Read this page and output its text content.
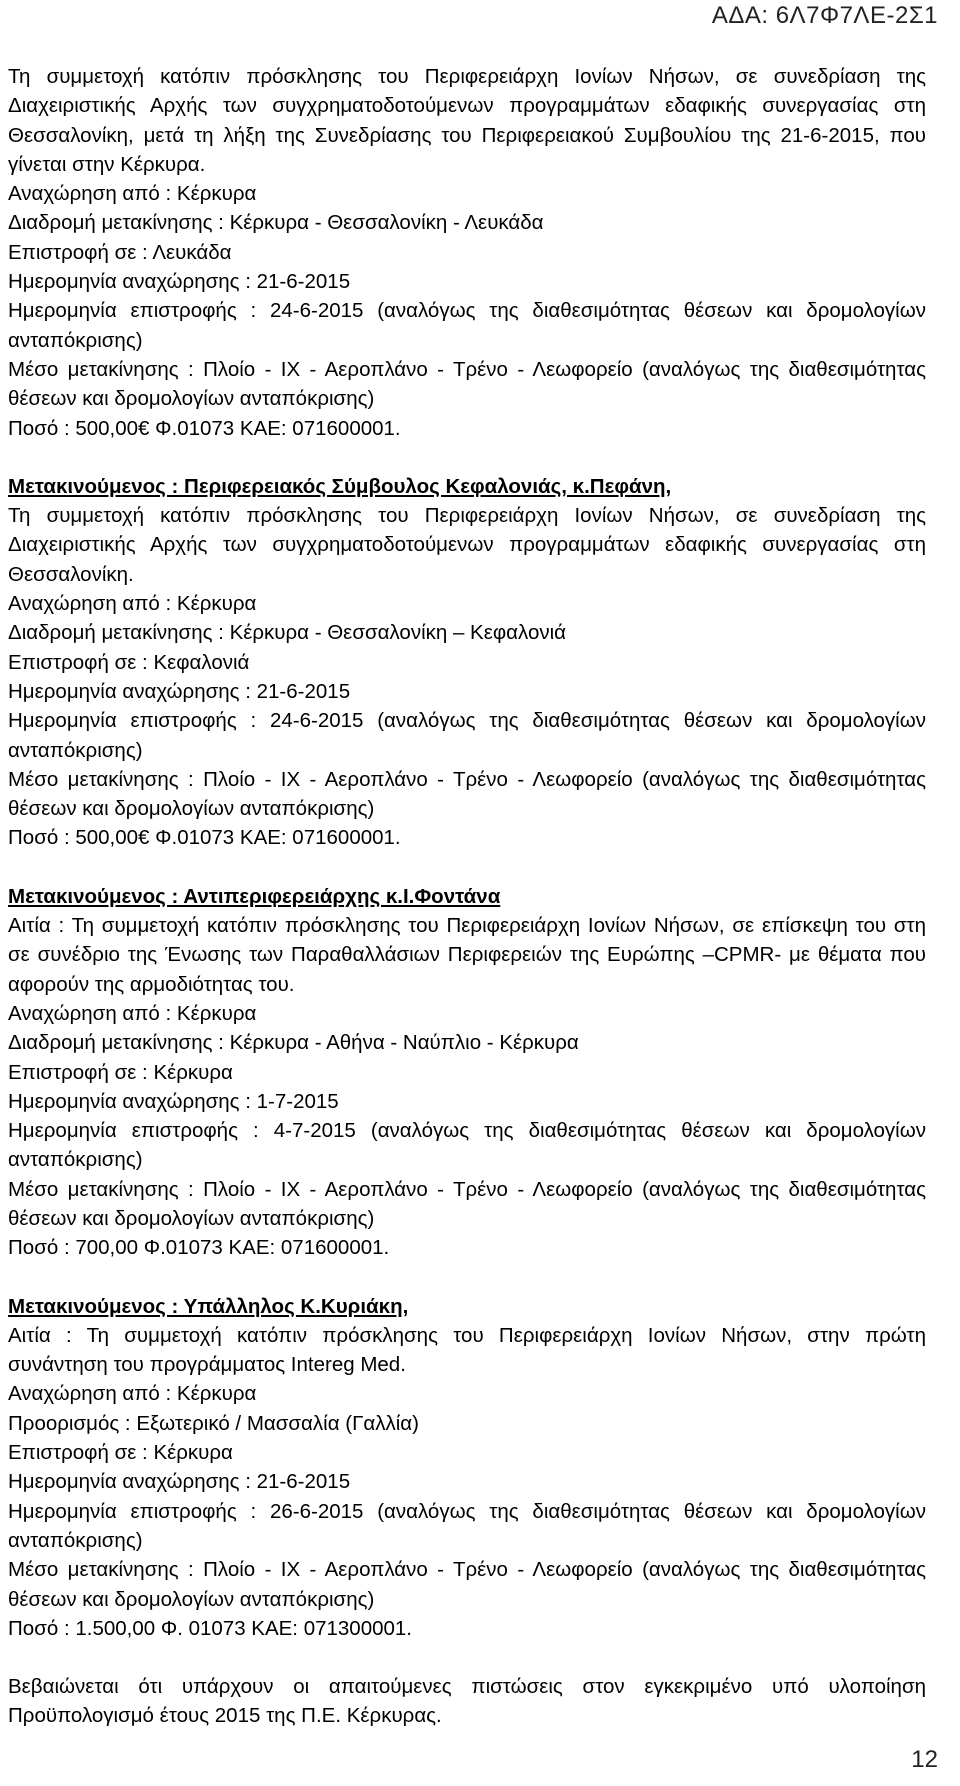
ΑΔΑ: 6Λ7Φ7ΛΕ-2Σ1

Τη συμμετοχή κατόπιν πρόσκλησης του Περιφερειάρχη Ιονίων Νήσων, σε συνεδρίαση της Διαχειριστικής Αρχής των συγχρηματοδοτούμενων προγραμμάτων εδαφικής συνεργασίας στη Θεσσαλονίκη, μετά τη λήξη της Συνεδρίασης του Περιφερειακού Συμβουλίου της 21-6-2015, που γίνεται στην Κέρκυρα.

Αναχώρηση από : Κέρκυρα

Διαδρομή μετακίνησης : Κέρκυρα - Θεσσαλονίκη - Λευκάδα

Επιστροφή σε : Λευκάδα

Ημερομηνία αναχώρησης : 21-6-2015

Ημερομηνία επιστροφής : 24-6-2015 (αναλόγως της διαθεσιμότητας θέσεων και δρομολογίων ανταπόκρισης)

Μέσο μετακίνησης : Πλοίο - ΙΧ - Αεροπλάνο - Τρένο - Λεωφορείο (αναλόγως της διαθεσιμότητας θέσεων και δρομολογίων ανταπόκρισης)

Ποσό : 500,00€ Φ.01073 ΚΑΕ: 071600001.

Μετακινούμενος : Περιφερειακός Σύμβουλος Κεφαλονιάς, κ.Πεφάνη,

Τη συμμετοχή κατόπιν πρόσκλησης του Περιφερειάρχη Ιονίων Νήσων, σε συνεδρίαση της Διαχειριστικής Αρχής των συγχρηματοδοτούμενων προγραμμάτων εδαφικής συνεργασίας στη Θεσσαλονίκη.

Αναχώρηση από : Κέρκυρα

Διαδρομή μετακίνησης : Κέρκυρα - Θεσσαλονίκη – Κεφαλονιά

Επιστροφή σε : Κεφαλονιά

Ημερομηνία αναχώρησης : 21-6-2015

Ημερομηνία επιστροφής : 24-6-2015 (αναλόγως της διαθεσιμότητας θέσεων και δρομολογίων ανταπόκρισης)

Μέσο μετακίνησης : Πλοίο - ΙΧ - Αεροπλάνο - Τρένο - Λεωφορείο (αναλόγως της διαθεσιμότητας θέσεων και δρομολογίων ανταπόκρισης)

Ποσό : 500,00€ Φ.01073 ΚΑΕ: 071600001.

Μετακινούμενος : Αντιπεριφερειάρχης κ.Ι.Φοντάνα

Αιτία : Τη συμμετοχή κατόπιν πρόσκλησης του Περιφερειάρχη Ιονίων Νήσων, σε επίσκεψη του στη σε συνέδριο της Ένωσης των Παραθαλλάσιων Περιφερειών της Ευρώπης –CPMR- με θέματα που αφορούν της αρμοδιότητας του.

Αναχώρηση από : Κέρκυρα

Διαδρομή μετακίνησης : Κέρκυρα - Αθήνα - Ναύπλιο - Κέρκυρα

Επιστροφή σε : Κέρκυρα

Ημερομηνία αναχώρησης : 1-7-2015

Ημερομηνία επιστροφής : 4-7-2015 (αναλόγως της διαθεσιμότητας θέσεων και δρομολογίων ανταπόκρισης)

Μέσο μετακίνησης : Πλοίο - ΙΧ - Αεροπλάνο - Τρένο - Λεωφορείο (αναλόγως της διαθεσιμότητας θέσεων και δρομολογίων ανταπόκρισης)

Ποσό : 700,00 Φ.01073 ΚΑΕ: 071600001.

Μετακινούμενος : Υπάλληλος Κ.Κυριάκη,

Αιτία : Τη συμμετοχή κατόπιν πρόσκλησης του Περιφερειάρχη Ιονίων Νήσων, στην πρώτη συνάντηση του προγράμματος Intereg Med.

Αναχώρηση από : Κέρκυρα

Προορισμός : Εξωτερικό / Μασσαλία (Γαλλία)

Επιστροφή σε : Κέρκυρα

Ημερομηνία αναχώρησης : 21-6-2015

Ημερομηνία επιστροφής : 26-6-2015 (αναλόγως της διαθεσιμότητας θέσεων και δρομολογίων ανταπόκρισης)

Μέσο μετακίνησης : Πλοίο - ΙΧ - Αεροπλάνο - Τρένο - Λεωφορείο (αναλόγως της διαθεσιμότητας θέσεων και δρομολογίων ανταπόκρισης)

Ποσό : 1.500,00 Φ. 01073 ΚΑΕ: 071300001.

Βεβαιώνεται ότι υπάρχουν οι απαιτούμενες πιστώσεις στον εγκεκριμένο υπό υλοποίηση Προϋπολογισμό έτους 2015 της Π.Ε. Κέρκυρας.

12
